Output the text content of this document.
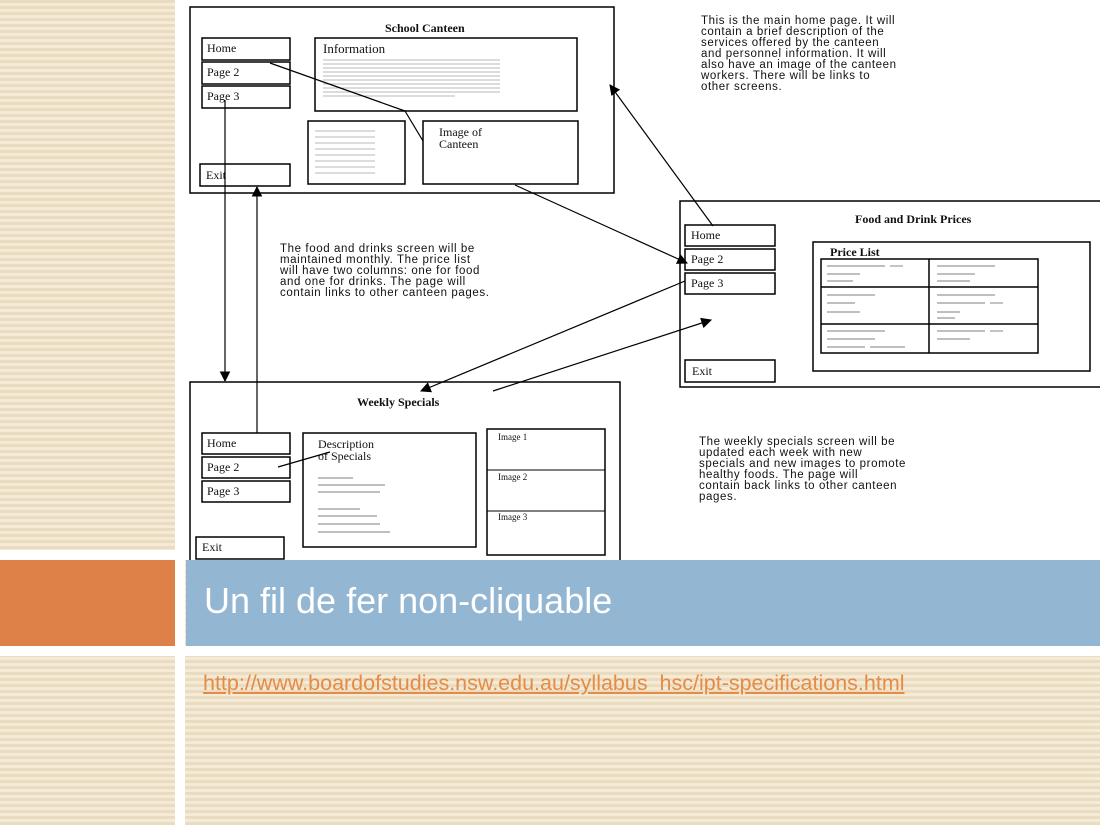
School Canteen
Home
Page 2
Page 3
Exit
Information
Image of
Canteen
Food and Drink Prices
Home
Page 2
Page 3
Exit
Price List
Weekly Specials
Home
Page 2
Page 3
Exit
Description
of Specials
Image 1
Image 2
Image 3

This is the main home page. It will
contain a brief description of the
services offered by the canteen
and personnel information. It will
also have an image of the canteen
workers. There will be links to
other screens.

The food and drinks screen will be
maintained monthly. The price list
will have two columns: one for food
and one for drinks. The page will
contain links to other canteen pages.

The weekly specials screen will be
updated each week with new
specials and new images to promote
healthy foods. The page will
contain back links to other canteen
pages.

Un fil de fer non-cliquable
http://www.boardofstudies.nsw.edu.au/syllabus_hsc/ipt-specifications.html
